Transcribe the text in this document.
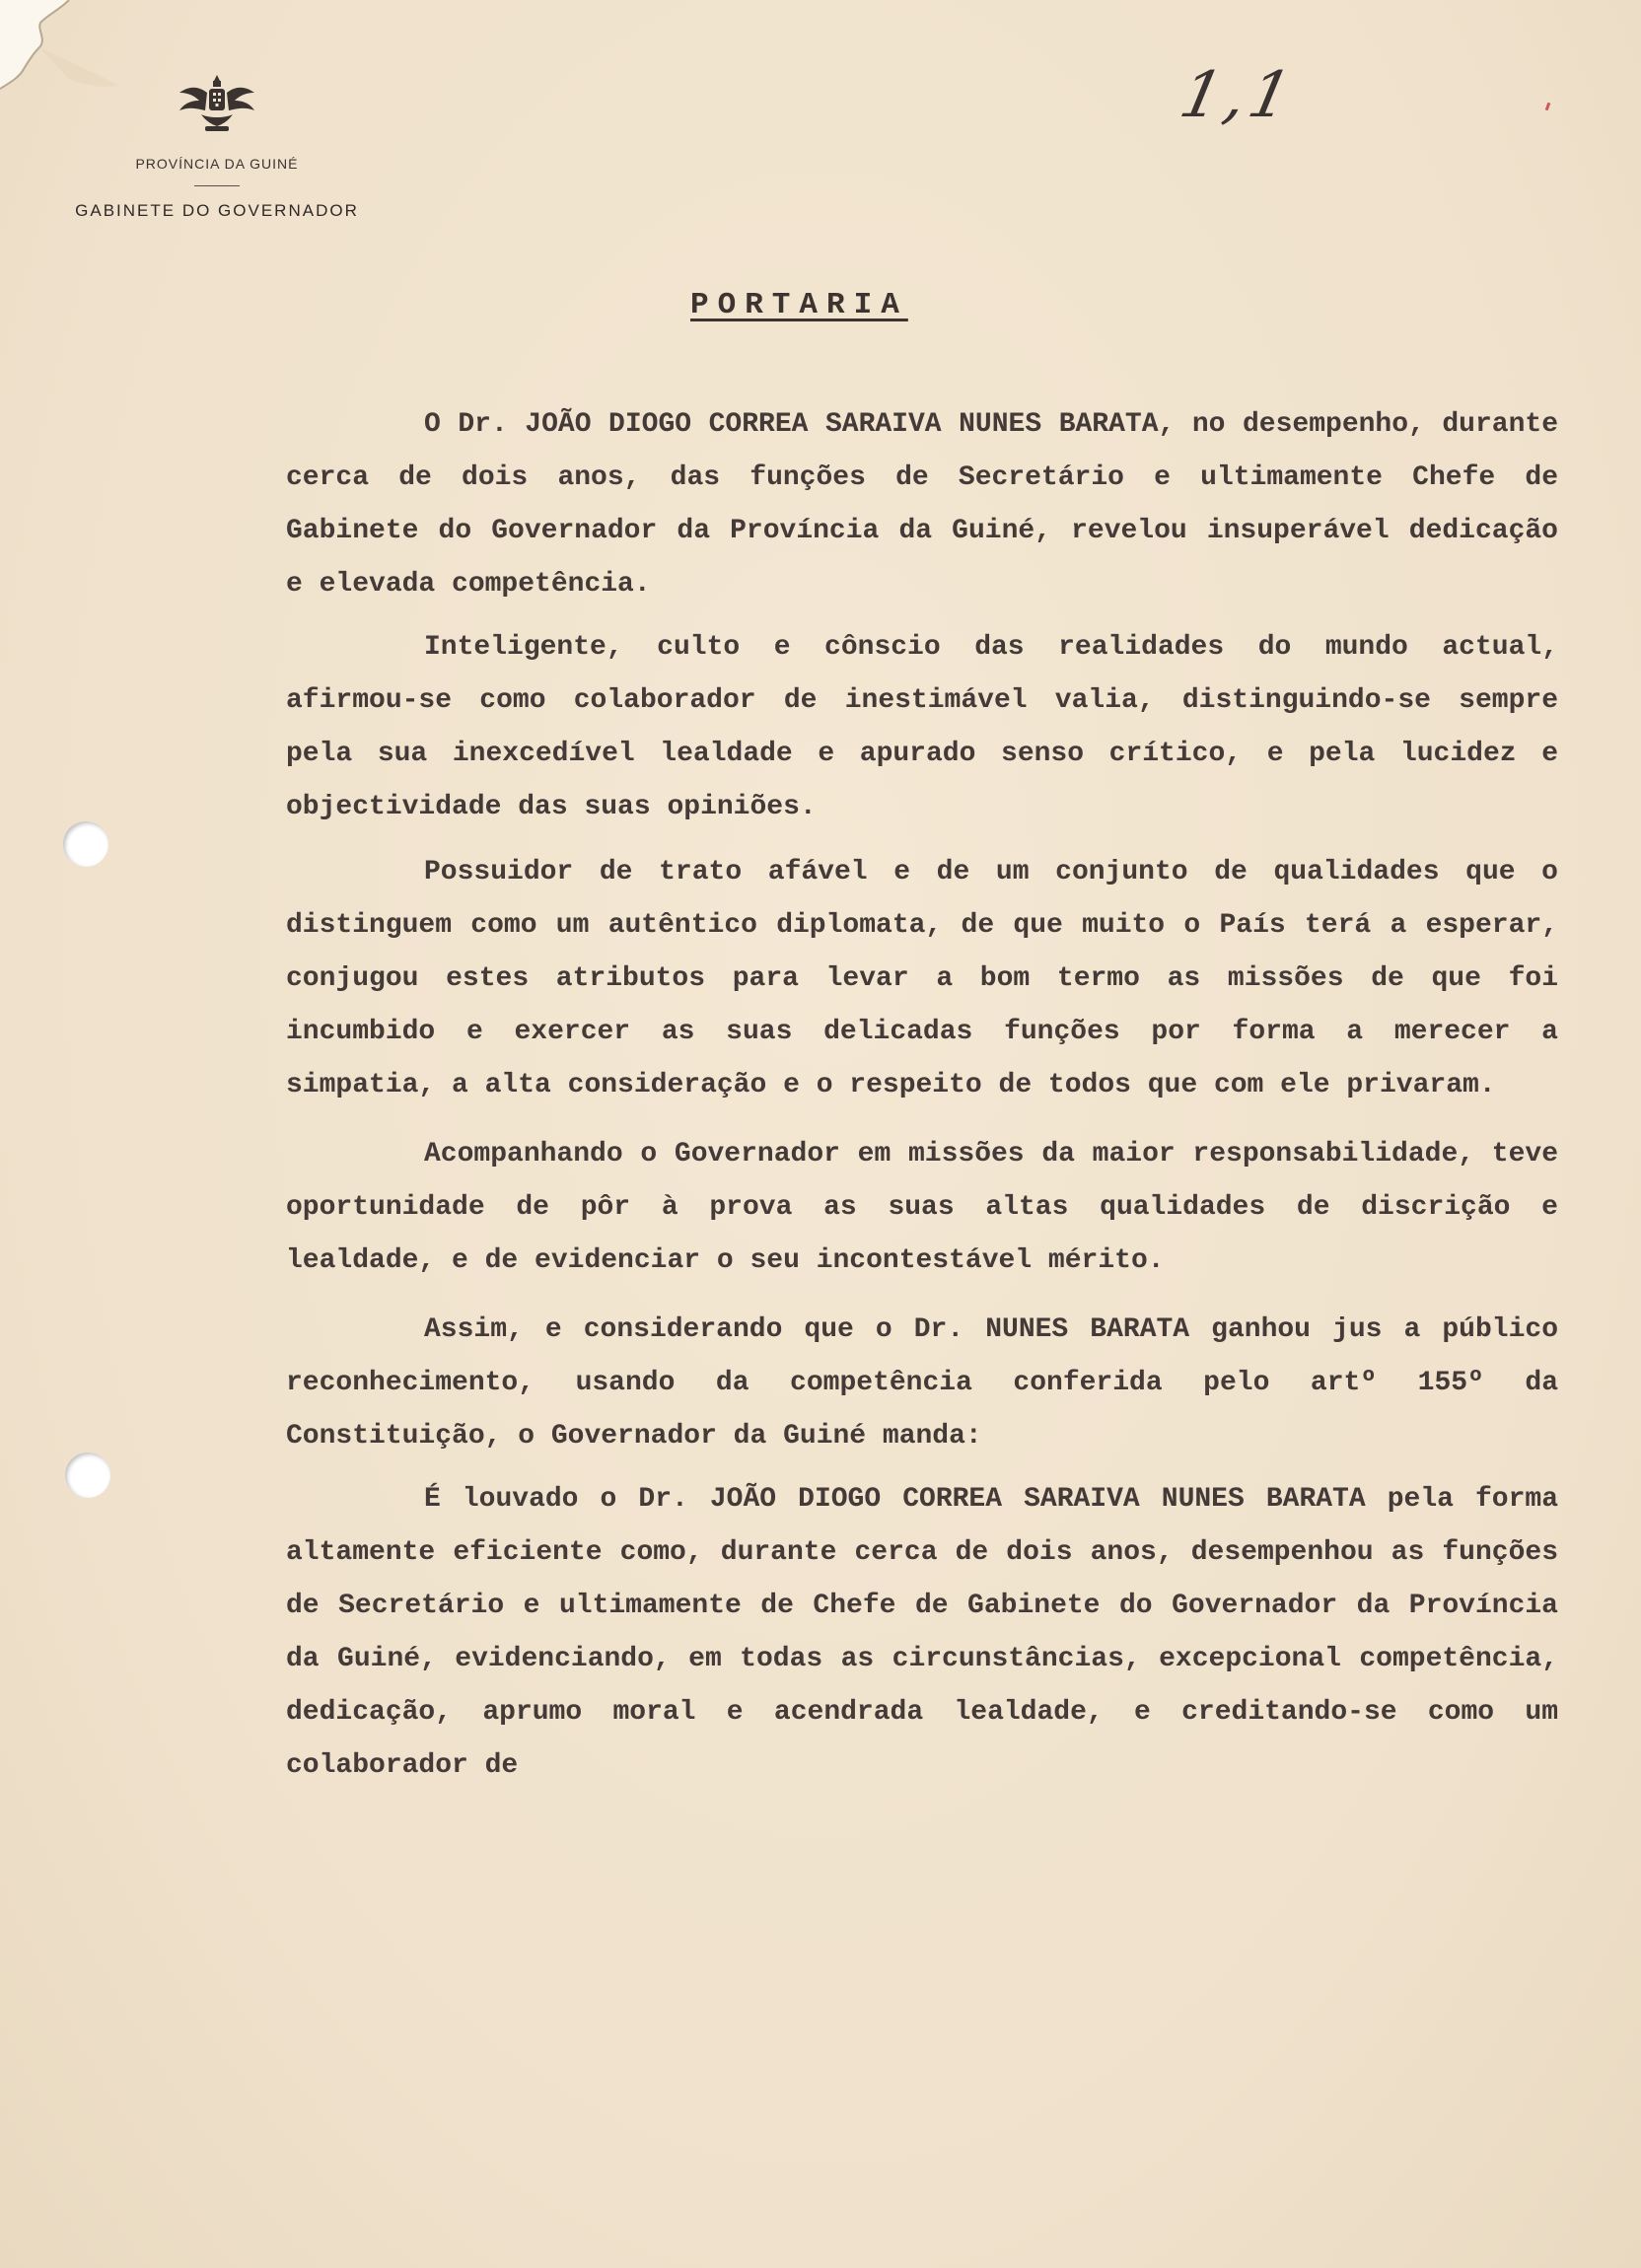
PROVÍNCIA DA GUINÉ
GABINETE DO GOVERNADOR
1,1
PORTARIA

O Dr. JOÃO DIOGO CORREA SARAIVA NUNES BARATA, no desempenho, durante cerca de dois anos, das funções de Secretário e ultimamente Chefe de Gabinete do Governador da Província da Guiné, revelou insuperável dedicação e elevada competência.

Inteligente, culto e cônscio das realidades do mundo actual, afirmou-se como colaborador de inestimável valia, distinguindo-se sempre pela sua inexcedível lealdade e apurado senso crítico, e pela lucidez e objectividade das suas opiniões.

Possuidor de trato afável e de um conjunto de qualidades que o distinguem como um autêntico diplomata, de que muito o País terá a esperar, conjugou estes atributos para levar a bom termo as missões de que foi incumbido e exercer as suas delicadas funções por forma a merecer a simpatia, a alta consideração e o respeito de todos que com ele privaram.

Acompanhando o Governador em missões da maior responsabilidade, teve oportunidade de pôr à prova as suas altas qualidades de discrição e lealdade, e de evidenciar o seu incontestável mérito.

Assim, e considerando que o Dr. NUNES BARATA ganhou jus a público reconhecimento, usando da competência conferida pelo artº 155º da Constituição, o Governador da Guiné manda:

É louvado o Dr. JOÃO DIOGO CORREA SARAIVA NUNES BARATA pela forma altamente eficiente como, durante cerca de dois anos, desempenhou as funções de Secretário e ultimamente de Chefe de Gabinete do Governador da Província da Guiné, evidenciando, em todas as circunstâncias, excepcional competência, dedicação, aprumo moral e acendrada lealdade, e creditando-se como um colaborador de
